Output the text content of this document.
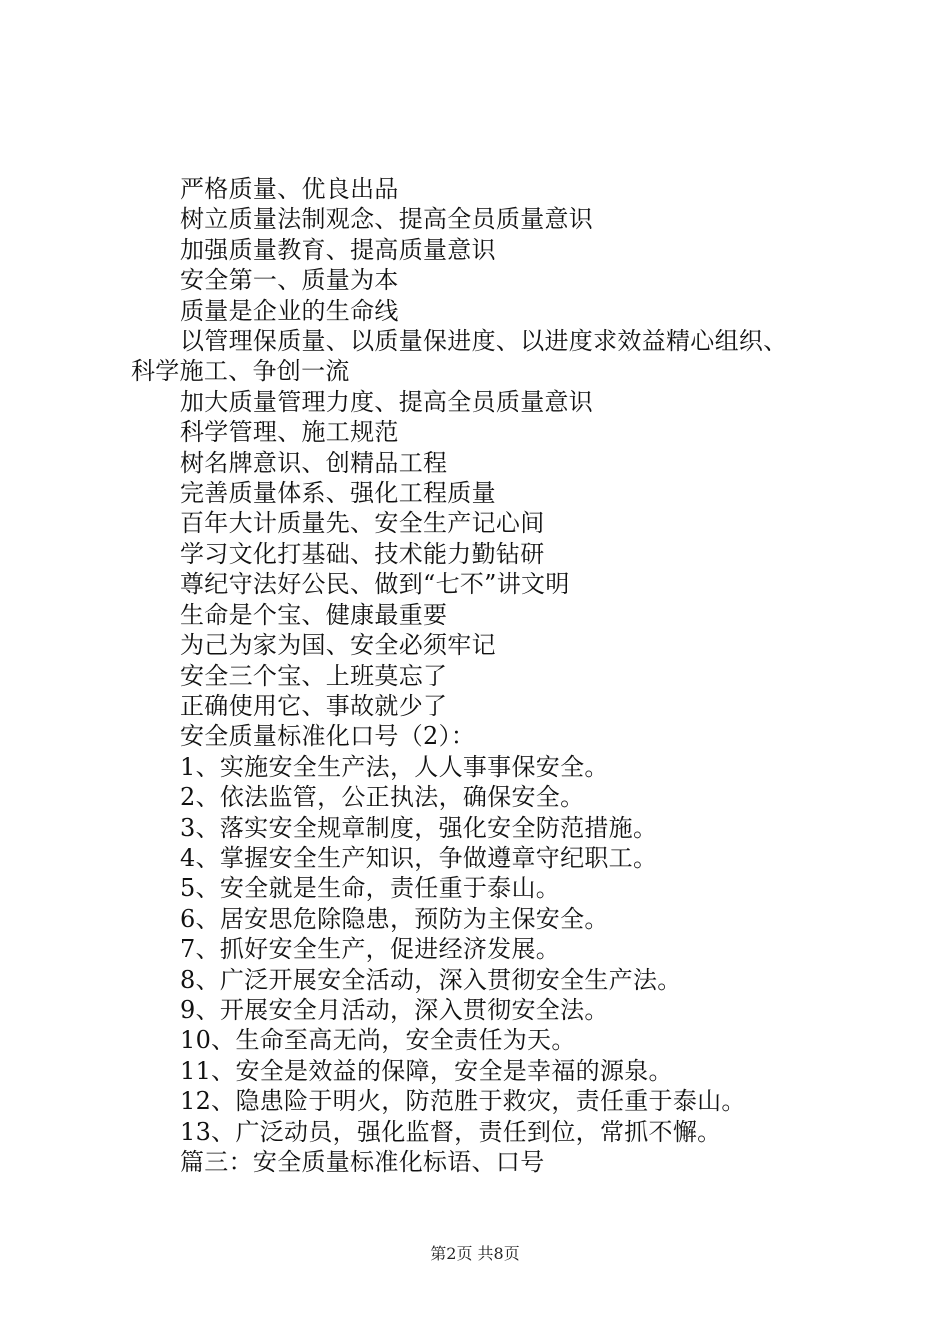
严格质量、优良出品
树立质量法制观念、提高全员质量意识
加强质量教育、提高质量意识
安全第一、质量为本
质量是企业的生命线
以管理保质量、以质量保进度、以进度求效益精心组织、
科学施工、争创一流
加大质量管理力度、提高全员质量意识
科学管理、施工规范
树名牌意识、创精品工程
完善质量体系、强化工程质量
百年大计质量先、安全生产记心间
学习文化打基础、技术能力勤钻研
尊纪守法好公民、做到“七不”讲文明
生命是个宝、健康最重要
为己为家为国、安全必须牢记
安全三个宝、上班莫忘了
正确使用它、事故就少了
安全质量标准化口号（2）：
1、实施安全生产法，人人事事保安全。
2、依法监管，公正执法，确保安全。
3、落实安全规章制度，强化安全防范措施。
4、掌握安全生产知识，争做遵章守纪职工。
5、安全就是生命，责任重于泰山。
6、居安思危除隐患，预防为主保安全。
7、抓好安全生产，促进经济发展。
8、广泛开展安全活动，深入贯彻安全生产法。
9、开展安全月活动，深入贯彻安全法。
10、生命至高无尚，安全责任为天。
11、安全是效益的保障，安全是幸福的源泉。
12、隐患险于明火，防范胜于救灾，责任重于泰山。
13、广泛动员，强化监督，责任到位，常抓不懈。
篇三：安全质量标准化标语、口号
第2页 共8页
